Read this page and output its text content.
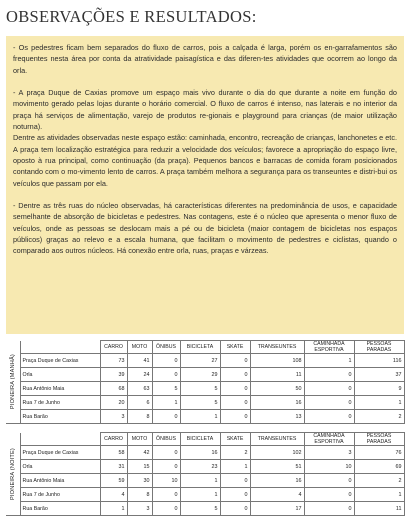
OBSERVAÇÕES E RESULTADOS:

- Os pedestres ficam bem separados do fluxo de carros, pois a calçada é larga, porém os en-garrafamentos são frequentes nesta área por conta da atratividade paisagística e das diferen-tes atividades que ocorrem ao longo da orla.

- A praça Duque de Caxias promove um espaço mais vivo durante o dia do que durante a noite em função do movimento gerado pelas lojas durante o horário comercial. O fluxo de carros é intenso, nas laterais e no interior da praça há serviços de alimentação, varejo de produtos re-gionais e playground para crianças (de maior utilização noturna).

Dentre as atividades observadas neste espaço estão: caminhada, encontro, recreação de crianças, lanchonetes e etc. A praça tem localização estratégica para reduzir a velocidade dos veículos; favorece a apropriação do espaço livre, oposto à rua principal, como continuação (da praça). Pequenos bancos e barracas de comida foram posicionados contando com o mo-vimento lento de carros. A praça também melhora a segurança para os transeuntes e distri-bui os veículos que passam por ela.

- Dentre as três ruas do núcleo observadas, há características diferentes na predominância de usos, e capacidade semelhante de absorção de bicicletas e pedestres. Nas contagens, este é o núcleo que apresenta o menor fluxo de veículos, onde as pessoas se deslocam mais a pé ou de bicicleta (maior contagem de bicicletas nos espaços públicos) graças ao relevo e a escala humana, que facilitam o movimento de pedestres e ciclistas, quando o comparado aos outros núcleos. Há conexão entre orla, ruas, praças e várzeas.

PIONEIRA (MANHÃ)		CARRO	MOTO	ÔNIBUS	BICICLETA	SKATE	TRANSEUNTES	CAMINHADA ESPORTIVA	PESSOAS PARADAS
	Praça Duque de Caxias	73	41	0	27	0	108	1	116
	Orla	39	24	0	29	0	11	0	37
	Rua Antônio Maia	68	63	5	5	0	50	0	9
	Rua 7 de Junho	20	6	1	5	0	16	0	1
	Rua Barão	3	8	0	1	0	13	0	2
PIONEIRA (NOITE)		CARRO	MOTO	ÔNIBUS	BICICLETA	SKATE	TRANSEUNTES	CAMINHADA ESPORTIVA	PESSOAS PARADAS
	Praça Duque de Caxias	58	42	0	16	2	102	3	76
	Orla	31	15	0	23	1	51	10	69
	Rua Antônio Maia	59	30	10	1	0	16	0	2
	Rua 7 de Junho	4	8	0	1	0	4	0	1
	Rua Barão	1	3	0	5	0	17	0	11
